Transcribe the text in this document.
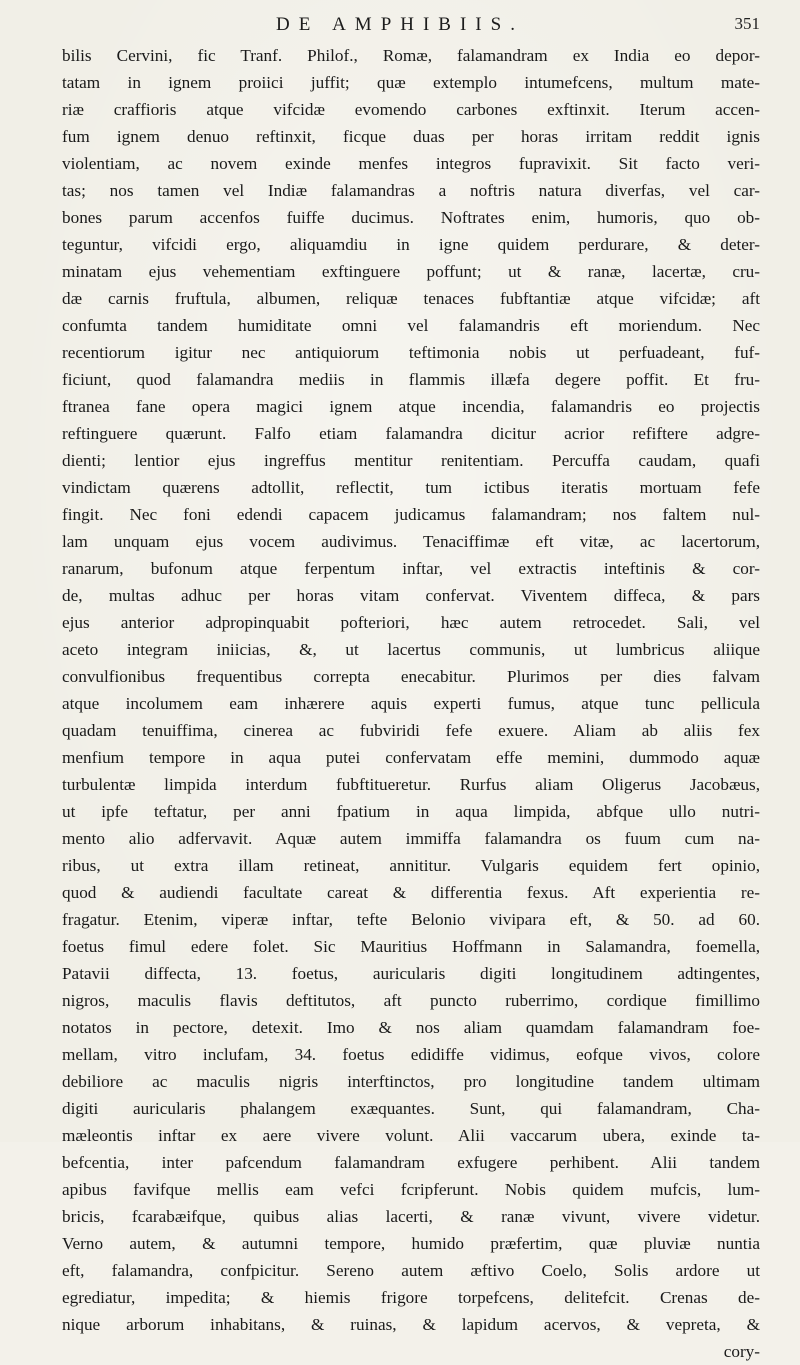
DE AMPHIBIIS.	351
bilis Cervini, fic Tranf. Philof., Romæ, falamandram ex India eo depor-
tatam in ignem proiici juffit; quæ extemplo intumefcens, multum mate-
riæ craffioris atque vifcidæ evomendo carbones exftinxit. Iterum accen-
fum ignem denuo reftinxit, ficque duas per horas irritam reddit ignis
violentiam, ac novem exinde menfes integros fupravixit. Sit facto veri-
tas; nos tamen vel Indiæ falamandras a noftris natura diverfas, vel car-
bones parum accenfos fuiffe ducimus. Noftrates enim, humoris, quo ob-
teguntur, vifcidi ergo, aliquamdiu in igne quidem perdurare, & deter-
minatam ejus vehementiam exftinguere poffunt; ut & ranæ, lacertæ, cru-
dæ carnis fruftula, albumen, reliquæ tenaces fubftantiæ atque vifcidæ; aft
confumta tandem humiditate omni vel falamandris eft moriendum. Nec
recentiorum igitur nec antiquiorum teftimonia nobis ut perfuadeant, fuf-
ficiunt, quod falamandra mediis in flammis illæfa degere poffit. Et fru-
ftranea fane opera magici ignem atque incendia, falamandris eo projectis
reftinguere quærunt. Falfo etiam falamandra dicitur acrior refiftere adgre-
dienti; lentior ejus ingreffus mentitur renitentiam. Percuffa caudam, quafi
vindictam quærens adtollit, reflectit, tum ictibus iteratis mortuam fefe
fingit. Nec foni edendi capacem judicamus falamandram; nos faltem nul-
lam unquam ejus vocem audivimus. Tenaciffimæ eft vitæ, ac lacertorum,
ranarum, bufonum atque ferpentum inftar, vel extractis inteftinis & cor-
de, multas adhuc per horas vitam confervat. Viventem diffeca, & pars
ejus anterior adpropinquabit pofteriori, hæc autem retrocedet. Sali, vel
aceto integram iniicias, &, ut lacertus communis, ut lumbricus aliique
convulfionibus frequentibus correpta enecabitur. Plurimos per dies falvam
atque incolumem eam inhærere aquis experti fumus, atque tunc pellicula
quadam tenuiffima, cinerea ac fubviridi fefe exuere. Aliam ab aliis fex
menfium tempore in aqua putei confervatam effe memini, dummodo aquæ
turbulentæ limpida interdum fubftitueretur. Rurfus aliam Oligerus Jacobæus,
ut ipfe teftatur, per anni fpatium in aqua limpida, abfque ullo nutri-
mento alio adfervavit. Aquæ autem immiffa falamandra os fuum cum na-
ribus, ut extra illam retineat, annititur. Vulgaris equidem fert opinio,
quod & audiendi facultate careat & differentia fexus. Aft experientia re-
fragatur. Etenim, viperæ inftar, tefte Belonio vivipara eft, & 50. ad 60.
foetus fimul edere folet. Sic Mauritius Hoffmann in Salamandra, foemella,
Patavii diffecta, 13. foetus, auricularis digiti longitudinem adtingentes,
nigros, maculis flavis deftitutos, aft puncto ruberrimo, cordique fimillimo
notatos in pectore, detexit. Imo & nos aliam quamdam falamandram foe-
mellam, vitro inclufam, 34. foetus edidiffe vidimus, eofque vivos, colore
debiliore ac maculis nigris interftinctos, pro longitudine tandem ultimam
digiti auricularis phalangem exæquantes. Sunt, qui falamandram, Cha-
mæleontis inftar ex aere vivere volunt. Alii vaccarum ubera, exinde ta-
befcentia, inter pafcendum falamandram exfugere perhibent. Alii tandem
apibus favifque mellis eam vefci fcripferunt. Nobis quidem mufcis, lum-
bricis, fcarabæifque, quibus alias lacerti, & ranæ vivunt, vivere videtur.
Verno autem, & autumni tempore, humido præfertim, quæ pluviæ nuntia
eft, falamandra, confpicitur. Sereno autem æftivo Coelo, Solis ardore ut
egrediatur, impedita; & hiemis frigore torpefcens, delitefcit. Crenas de-
nique arborum inhabitans, & ruinas, & lapidum acervos, & vepreta, &
cory-
